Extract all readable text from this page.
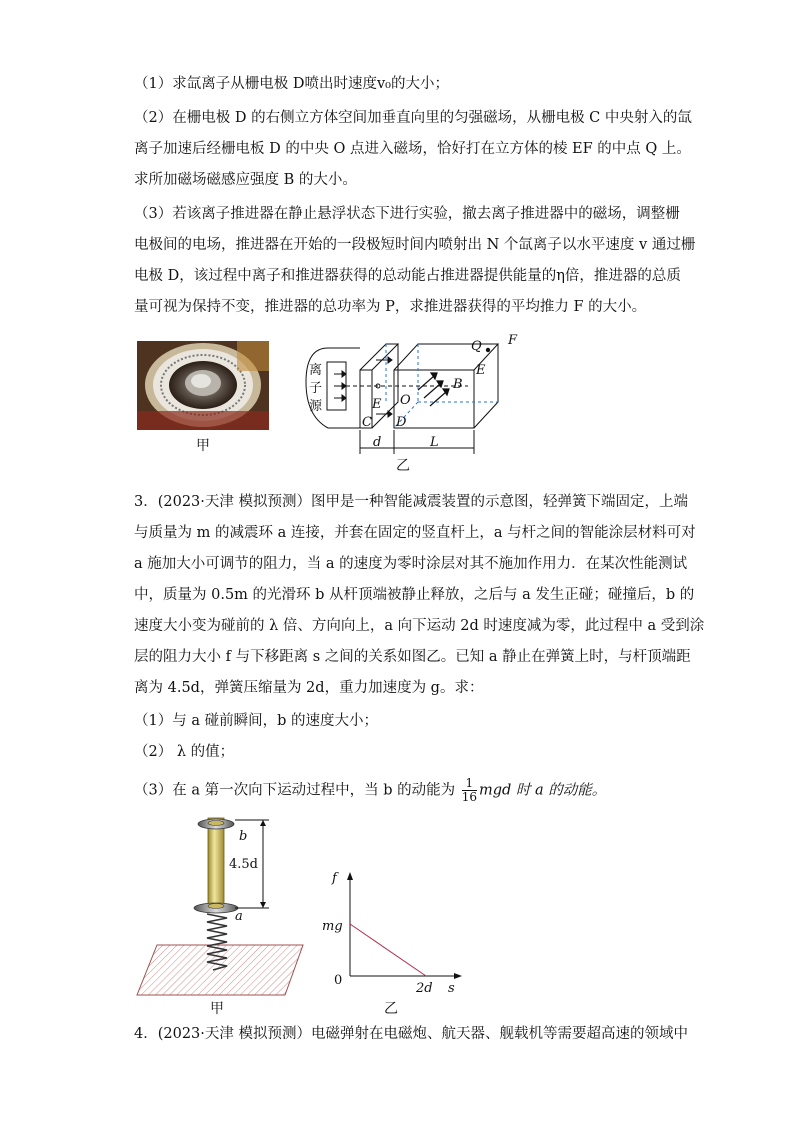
（1）求氙离子从栅电极 D喷出时速度v₀的大小；
（2）在栅电极 D 的右侧立方体空间加垂直向里的匀强磁场，从栅电极 C 中央射入的氙
离子加速后经栅电板 D 的中央 O 点进入磁场，恰好打在立方体的棱 EF 的中点 Q 上。
求所加磁场磁感应强度 B 的大小。
（3）若该离子推进器在静止悬浮状态下进行实验，撤去离子推进器中的磁场，调整栅
电极间的电场，推进器在开始的一段极短时间内喷射出 N 个氙离子以水平速度 v 通过栅
电极 D，该过程中离子和推进器获得的总动能占推进器提供能量的η倍，推进器的总质
量可视为保持不变，推进器的总功率为 P，求推进器获得的平均推力 F 的大小。
甲
离
子
源
C D
E O
B
E
Q F
d	L
乙
3．(2023·天津 模拟预测）图甲是一种智能减震装置的示意图，轻弹簧下端固定，上端
与质量为 m 的减震环 a 连接，并套在固定的竖直杆上，a 与杆之间的智能涂层材料可对
a 施加大小可调节的阻力，当 a 的速度为零时涂层对其不施加作用力．在某次性能测试
中，质量为 0.5m 的光滑环 b 从杆顶端被静止释放，之后与 a 发生正碰；碰撞后，b 的
速度大小变为碰前的 λ 倍、方向向上，a 向下运动 2d 时速度减为零，此过程中 a 受到涂
层的阻力大小 f 与下移距离 s 之间的关系如图乙。已知 a 静止在弹簧上时，与杆顶端距
离为 4.5d，弹簧压缩量为 2d，重力加速度为 g。求：
（1）与 a 碰前瞬间，b 的速度大小；
（2） λ 的值；
（3）在 a 第一次向下运动过程中，当 b 的动能为 $\frac{1}{16}$ mgd 时 a 的动能。
b
a
4.5d
甲
f
mg
0
2d s
乙
4．(2023·天津 模拟预测）电磁弹射在电磁炮、航天器、舰载机等需要超高速的领域中
